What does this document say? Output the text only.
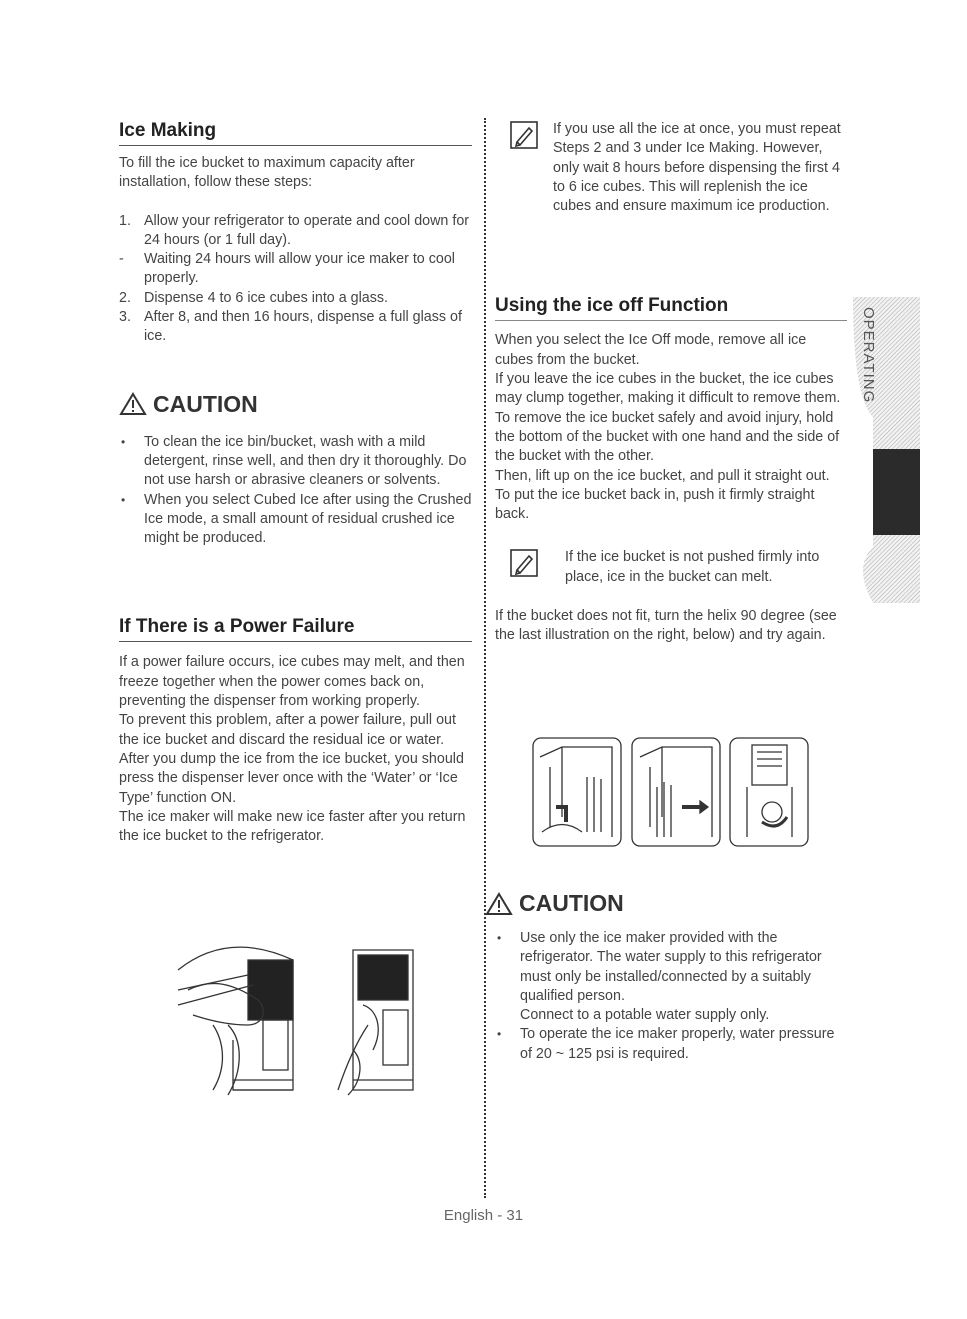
Ice Making

To fill the ice bucket to maximum capacity after installation, follow these steps:

1. Allow your refrigerator to operate and cool down for 24 hours (or 1 full day).
- Waiting 24 hours will allow your ice maker to cool properly.
2. Dispense 4 to 6 ice cubes into a glass.
3. After 8, and then 16 hours, dispense a full glass of ice.
CAUTION
• To clean the ice bin/bucket, wash with a mild detergent, rinse well, and then dry it thoroughly. Do not use harsh or abrasive cleaners or solvents.
• When you select Cubed Ice after using the Crushed Ice mode, a small amount of residual crushed ice might be produced.
If There is a Power Failure

If a power failure occurs, ice cubes may melt, and then freeze together when the power comes back on, preventing the dispenser from working properly.

To prevent this problem, after a power failure, pull out the ice bucket and discard the residual ice or water.

After you dump the ice from the ice bucket, you should press the dispenser lever once with the ‘Water’ or ‘Ice Type’ function ON.

The ice maker will make new ice faster after you return the ice bucket to the refrigerator.

If you use all the ice at once, you must repeat Steps 2 and 3 under Ice Making. However, only wait 8 hours before dispensing the first 4 to 6 ice cubes. This will replenish the ice cubes and ensure maximum ice production.

Using the ice off Function

When you select the Ice Off mode, remove all ice cubes from the bucket.

If you leave the ice cubes in the bucket, the ice cubes may clump together, making it difficult to remove them.

To remove the ice bucket safely and avoid injury, hold the bottom of the bucket with one hand and the side of the bucket with the other.

Then, lift up on the ice bucket, and pull it straight out.

To put the ice bucket back in, push it firmly straight back.

If the ice bucket is not pushed firmly into place, ice in the bucket can melt.

If the bucket does not fit, turn the helix 90 degree (see the last illustration on the right, below) and try again.

CAUTION
• Use only the ice maker provided with the refrigerator. The water supply to this refrigerator must only be installed/connected by a suitably qualified person.
Connect to a potable water supply only.
• To operate the ice maker properly, water pressure of 20 ~ 125 psi is required.
OPERATING
English - 31
